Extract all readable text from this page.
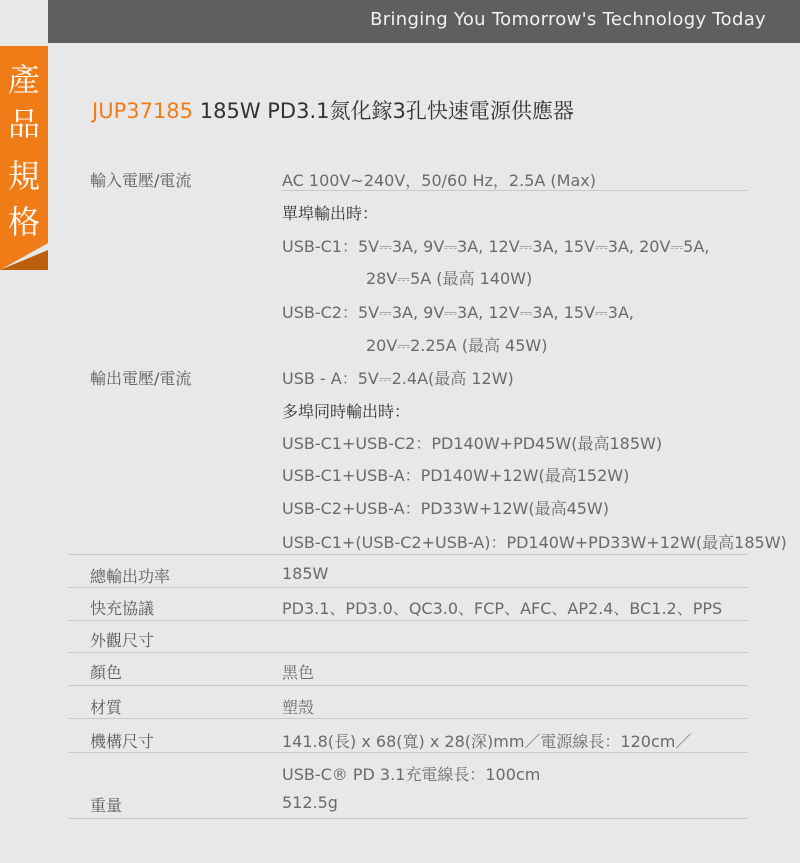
Bringing You Tomorrow's Technology Today
產
品
規
格
JUP37185 185W PD3.1氮化鎵3孔快速電源供應器
輸入電壓/電流	AC 100V~240V，50/60 Hz，2.5A (Max)
單埠輸出時：
USB-C1：5V⎓3A, 9V⎓3A, 12V⎓3A, 15V⎓3A, 20V⎓5A,
28V⎓5A (最高 140W)
USB-C2：5V⎓3A, 9V⎓3A, 12V⎓3A, 15V⎓3A,
20V⎓2.25A (最高 45W)
輸出電壓/電流	USB - A：5V⎓2.4A(最高 12W)
多埠同時輸出時：
USB-C1+USB-C2：PD140W+PD45W(最高185W)
USB-C1+USB-A：PD140W+12W(最高152W)
USB-C2+USB-A：PD33W+12W(最高45W)
USB-C1+(USB-C2+USB-A)：PD140W+PD33W+12W(最高185W)
總輸出功率	185W
快充協議	PD3.1、PD3.0、QC3.0、FCP、AFC、AP2.4、BC1.2、PPS
外觀尺寸
顏色	黑色
材質	塑殼
機構尺寸	141.8(長) x 68(寬) x 28(深)mm／電源線長：120cm／
USB-C® PD 3.1充電線長：100cm
重量	512.5g
